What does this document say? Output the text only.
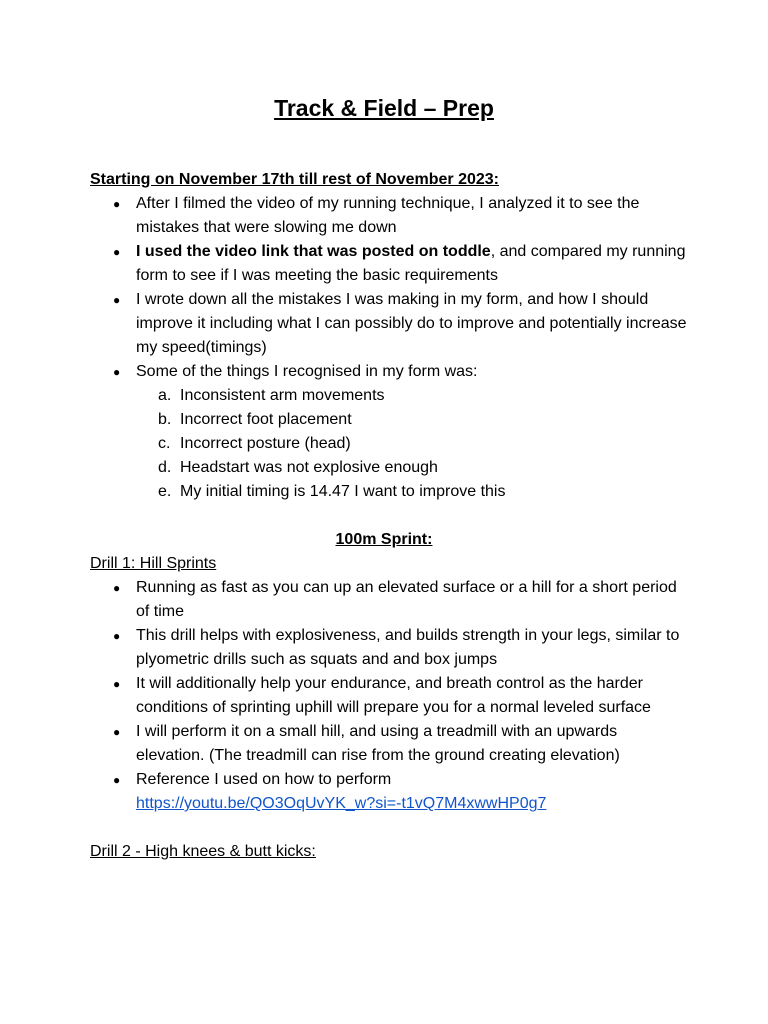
Track & Field – Prep
Starting on November 17th till rest of November 2023:
● After I filmed the video of my running technique, I analyzed it to see the mistakes that were slowing me down
● I used the video link that was posted on toddle, and compared my running form to see if I was meeting the basic requirements
● I wrote down all the mistakes I was making in my form, and how I should improve it including what I can possibly do to improve and potentially increase my speed(timings)
● Some of the things I recognised in my form was:
a. Inconsistent arm movements
b. Incorrect foot placement
c. Incorrect posture (head)
d. Headstart was not explosive enough
e. My initial timing is 14.47 I want to improve this
100m Sprint:
Drill 1: Hill Sprints
● Running as fast as you can up an elevated surface or a hill for a short period of time
● This drill helps with explosiveness, and builds strength in your legs, similar to plyometric drills such as squats and and box jumps
● It will additionally help your endurance, and breath control as the harder conditions of sprinting uphill will prepare you for a normal leveled surface
● I will perform it on a small hill, and using a treadmill with an upwards elevation. (The treadmill can rise from the ground creating elevation)
● Reference I used on how to perform
https://youtu.be/QO3OqUvYK_w?si=-t1vQ7M4xwwHP0g7
Drill 2 - High knees & butt kicks:
